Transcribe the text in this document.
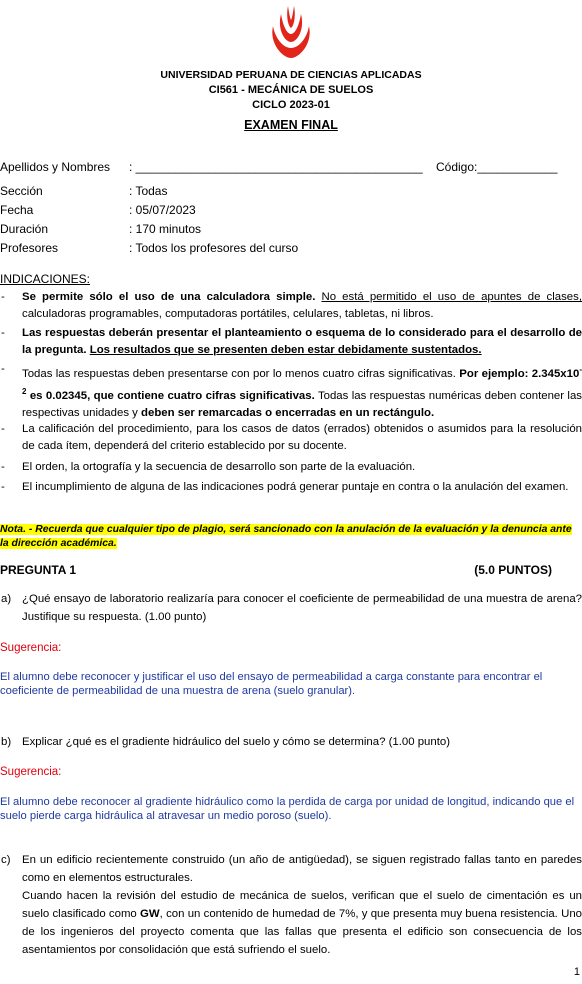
UNIVERSIDAD PERUANA DE CIENCIAS APLICADAS
CI561 - MECÁNICA DE SUELOS
CICLO 2023-01
EXAMEN FINAL
Apellidos y Nombres : ___________________________________________ Código:____________
Sección	: Todas
Fecha	: 05/07/2023
Duración	: 170 minutos
Profesores	: Todos los profesores del curso
INDICACIONES:
- Se permite sólo el uso de una calculadora simple. No está permitido el uso de apuntes de clases, calculadoras programables, computadoras portátiles, celulares, tabletas, ni libros.
- Las respuestas deberán presentar el planteamiento o esquema de lo considerado para el desarrollo de la pregunta. Los resultados que se presenten deben estar debidamente sustentados.
- Todas las respuestas deben presentarse con por lo menos cuatro cifras significativas. Por ejemplo: $2.345x10^{-2}$ es 0.02345, que contiene cuatro cifras significativas. Todas las respuestas numéricas deben contener las respectivas unidades y deben ser remarcadas o encerradas en un rectángulo.
- La calificación del procedimiento, para los casos de datos (errados) obtenidos o asumidos para la resolución de cada ítem, dependerá del criterio establecido por su docente.
- El orden, la ortografía y la secuencia de desarrollo son parte de la evaluación.
- El incumplimiento de alguna de las indicaciones podrá generar puntaje en contra o la anulación del examen.
Nota. - Recuerda que cualquier tipo de plagio, será sancionado con la anulación de la evaluación y la denuncia ante la dirección académica.
PREGUNTA 1	(5.0 PUNTOS)
a) ¿Qué ensayo de laboratorio realizaría para conocer el coeficiente de permeabilidad de una muestra de arena? Justifique su respuesta. (1.00 punto)
Sugerencia:
El alumno debe reconocer y justificar el uso del ensayo de permeabilidad a carga constante para encontrar el coeficiente de permeabilidad de una muestra de arena (suelo granular).
b) Explicar ¿qué es el gradiente hidráulico del suelo y cómo se determina? (1.00 punto)
Sugerencia:
El alumno debe reconocer al gradiente hidráulico como la perdida de carga por unidad de longitud, indicando que el suelo pierde carga hidráulica al atravesar un medio poroso (suelo).
c) En un edificio recientemente construido (un año de antigüedad), se siguen registrado fallas tanto en paredes como en elementos estructurales.
Cuando hacen la revisión del estudio de mecánica de suelos, verifican que el suelo de cimentación es un suelo clasificado como GW, con un contenido de humedad de 7%, y que presenta muy buena resistencia. Uno de los ingenieros del proyecto comenta que las fallas que presenta el edificio son consecuencia de los asentamientos por consolidación que está sufriendo el suelo.
1
